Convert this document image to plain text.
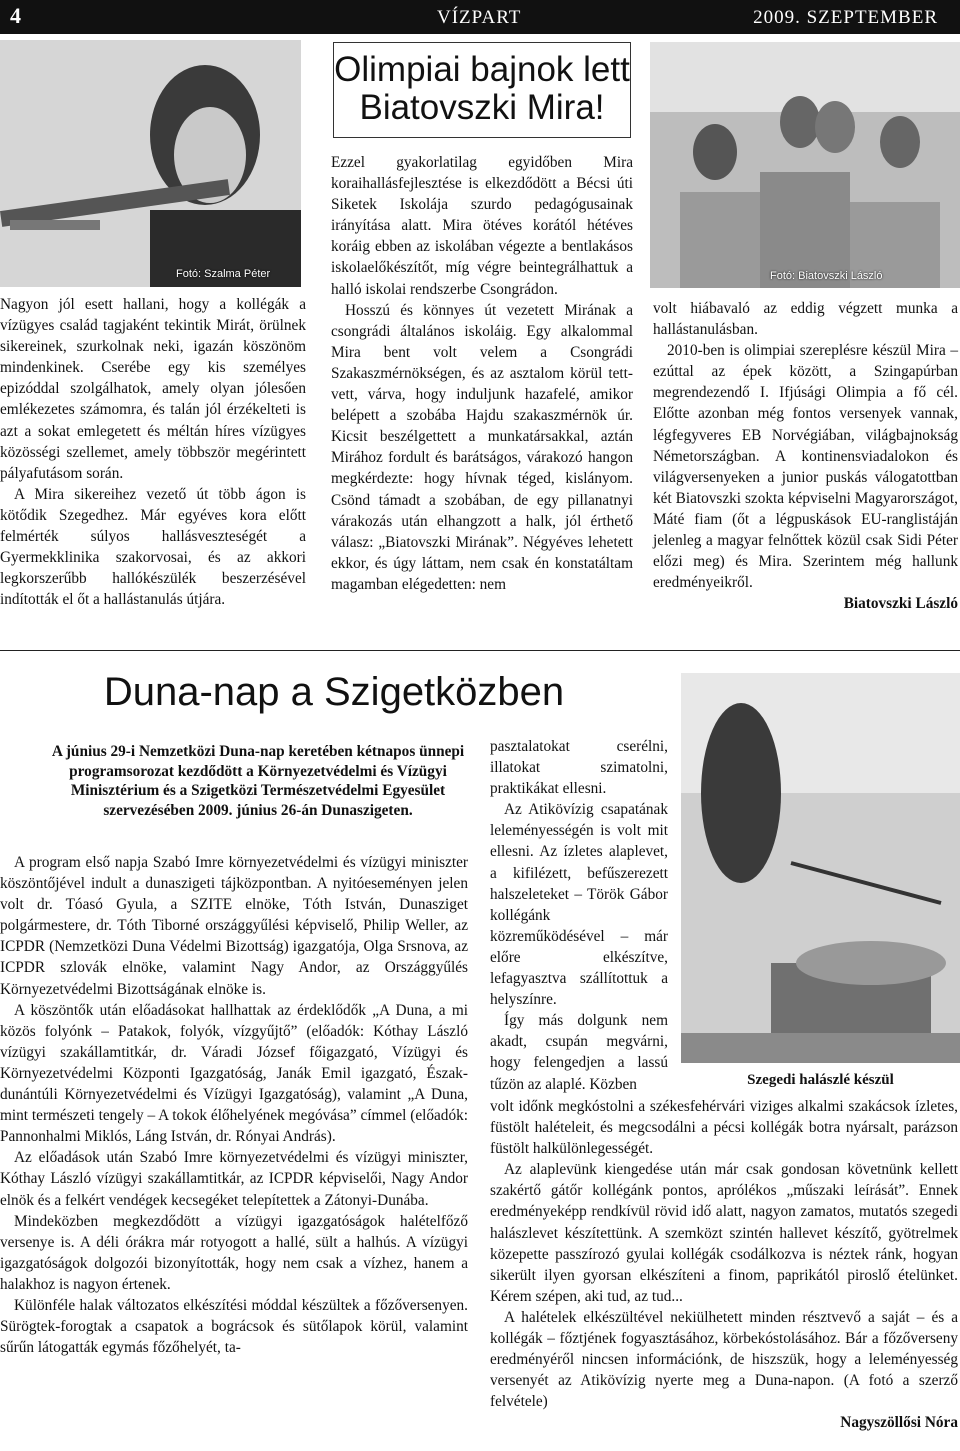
4	VÍZPART	2009. SZEPTEMBER
Fotó: Szalma Péter
Olimpiai bajnok lett
Biatovszki Mira!
Fotó: Biatovszki László

Nagyon jól esett hallani, hogy a kollégák a vízügyes család tagjaként tekintik Mirát, örülnek sikereinek, szurkolnak neki, igazán köszönöm mindenkinek. Cserébe egy kis személyes epizóddal szolgálhatok, amely olyan jólesően emlékezetes számomra, és talán jól érzékelteti is azt a sokat emlegetett és méltán híres vízügyes közösségi szellemet, amely többször megérintett pályafutásom során.

A Mira sikereihez vezető út több ágon is kötődik Szegedhez. Már egyéves kora előtt felmérték súlyos hallásveszteségét a Gyermekklinika szakorvosai, és az akkori legkorszerűbb hallókészülék beszerzésével indították el őt a hallástanulás útjára.

Ezzel gyakorlatilag egyidőben Mira koraihallásfejlesztése is elkezdődött a Bécsi úti Siketek Iskolája szurdo pedagógusainak irányítása alatt. Mira ötéves korától hétéves koráig ebben az iskolában végezte a bentlakásos iskolaelőkészítőt, míg végre beintegrálhattuk a halló iskolai rendszerbe Csongrádon.

Hosszú és könnyes út vezetett Mirának a csongrádi általános iskoláig. Egy alkalommal Mira bent volt velem a Csongrádi Szakaszmérnökségen, és az asztalom körül tett-vett, várva, hogy induljunk hazafelé, amikor belépett a szobába Hajdu szakaszmérnök úr. Kicsit beszélgettett a munkatársakkal, aztán Mirához fordult és barátságos, várakozó hangon megkérdezte: hogy hívnak téged, kislányom. Csönd támadt a szobában, de egy pillanatnyi várakozás után elhangzott a halk, jól érthető válasz: „Biatovszki Mirának”. Négyéves lehetett ekkor, és úgy láttam, nem csak én konstatáltam magamban elégedetten: nem

volt hiábavaló az eddig végzett munka a hallástanulásban.

2010-ben is olimpiai szereplésre készül Mira – ezúttal az épek között, a Szingapúrban megrendezendő I. Ifjúsági Olimpia a fő cél. Előtte azonban még fontos versenyek vannak, légfegyveres EB Norvégiában, világbajnokság Németországban. A kontinensviadalokon és világversenyeken a junior puskás válogatottban két Biatovszki szokta képviselni Magyarországot, Máté fiam (őt a légpuskások EU-ranglistáján jelenleg a magyar felnőttek közül csak Sidi Péter előzi meg) és Mira. Szerintem még hallunk eredményeikről.

Biatovszki László
Duna-nap a Szigetközben
A június 29-i Nemzetközi Duna-nap keretében kétnapos ünnepi programsorozat kezdődött a Környezetvédelmi és Vízügyi Minisztérium és a Szigetközi Természetvédelmi Egyesület szervezésében 2009. június 26-án Dunaszigeten.

A program első napja Szabó Imre környezetvédelmi és vízügyi miniszter köszöntőjével indult a dunaszigeti tájközpontban. A nyitóeseményen jelen volt dr. Tóasó Gyula, a SZITE elnöke, Tóth István, Dunasziget polgármestere, dr. Tóth Tiborné országgyűlési képviselő, Philip Weller, az ICPDR (Nemzetközi Duna Védelmi Bizottság) igazgatója, Olga Srsnova, az ICPDR szlovák elnöke, valamint Nagy Andor, az Országgyűlés Környezetvédelmi Bizottságának elnöke is.

A köszöntők után előadásokat hallhattak az érdeklődők „A Duna, a mi közös folyónk – Patakok, folyók, vízgyűjtő” (előadók: Kóthay László vízügyi szakállamtitkár, dr. Váradi József főigazgató, Vízügyi és Környezetvédelmi Központi Igazgatóság, Janák Emil igazgató, Észak-dunántúli Környezetvédelmi és Vízügyi Igazgatóság), valamint „A Duna, mint természeti tengely – A tokok élőhelyének megóvása” címmel (előadók: Pannonhalmi Miklós, Láng István, dr. Rónyai András).

Az előadások után Szabó Imre környezetvédelmi és vízügyi miniszter, Kóthay László vízügyi szakállamtitkár, az ICPDR képviselői, Nagy Andor elnök és a felkért vendégek kecsegéket telepítettek a Zátonyi-Dunába.

Mindeközben megkezdődött a vízügyi igazgatóságok halételfőző versenye is. A déli órákra már rotyogott a hallé, sült a halhús. A vízügyi igazgatóságok dolgozói bizonyították, hogy nem csak a vízhez, hanem a halakhoz is nagyon értenek.

Különféle halak változatos elkészítési móddal készültek a főzőversenyen. Sürögtek-forogtak a csapatok a bográcsok és sütőlapok körül, valamint sűrűn látogatták egymás főzőhelyét, ta-

pasztalatokat cserélni, illatokat szimatolni, praktikákat ellesni.

Az Atikövízig csapatának leleményességén is volt mit ellesni. Az ízletes alaplevet, a kifilézett, befűszerezett halszeleteket – Török Gábor kollégánk közreműködésével – már előre elkészítve, lefagyasztva szállítottuk a helyszínre.

Így más dolgunk nem akadt, csupán megvárni, hogy felengedjen a lassú tűzön az alaplé. Közben	Szegedi halászlé készül

volt időnk megkóstolni a székesfehérvári viziges alkalmi szakácsok ízletes, füstölt halételeit, és megcsodálni a pécsi kollégák botra nyársalt, parázson füstölt halkülönlegességét.

Az alaplevünk kiengedése után már csak gondosan követnünk kellett szakértő gátőr kollégánk pontos, aprólékos „műszaki leírását”. Ennek eredményeképp rendkívül rövid idő alatt, nagyon zamatos, mutatós szegedi halászlevet készítettünk. A szemközt szintén hallevet készítő, gyötrelmek közepette passzírozó gyulai kollégák csodálkozva is néztek ránk, hogyan sikerült ilyen gyorsan elkészíteni a finom, paprikától piroslő ételünket. Kérem szépen, aki tud, az tud...

A halételek elkészültével nekiülhetett minden résztvevő a saját – és a kollégák – főztjének fogyasztásához, körbekóstolásához. Bár a főzőverseny eredményéről nincsen információnk, de hiszszük, hogy a leleményesség versenyét az Atikövízig nyerte meg a Duna-napon. (A fotó a szerző felvétele)

Nagyszöllősi Nóra
